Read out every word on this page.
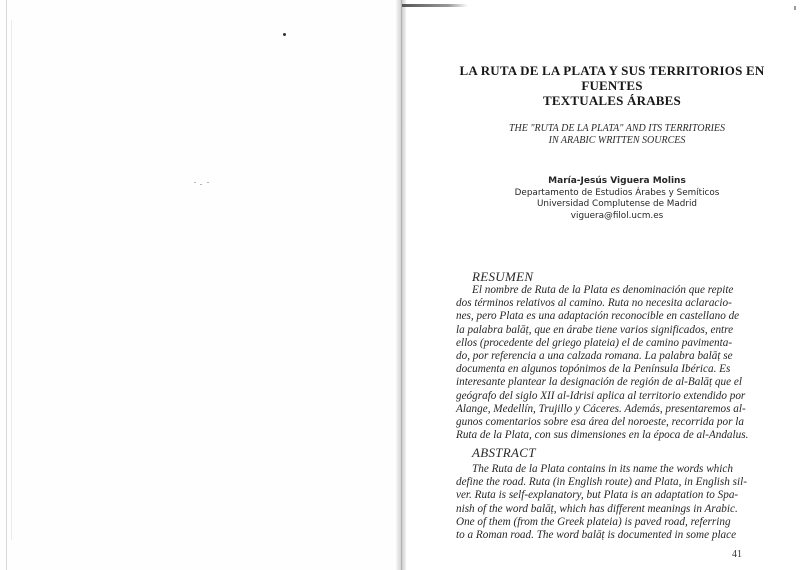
LA RUTA DE LA PLATA Y SUS TERRITORIOS EN FUENTES
TEXTUALES ÁRABES
THE "RUTA DE LA PLATA" AND ITS TERRITORIES
IN ARABIC WRITTEN SOURCES
María-Jesús Viguera Molins
Departamento de Estudios Árabes y Semíticos
Universidad Complutense de Madrid
viguera@filol.ucm.es
RESUMEN
El nombre de Ruta de la Plata es denominación que repite
dos términos relativos al camino. Ruta no necesita aclaracio-
nes, pero Plata es una adaptación reconocible en castellano de
la palabra balāṭ, que en árabe tiene varios significados, entre
ellos (procedente del griego plateia) el de camino pavimenta-
do, por referencia a una calzada romana. La palabra balāṭ se
documenta en algunos topónimos de la Península Ibérica. Es
interesante plantear la designación de región de al-Balāṭ que el
geógrafo del siglo XII al-Idrisi aplica al territorio extendido por
Alange, Medellín, Trujillo y Cáceres. Además, presentaremos al-
gunos comentarios sobre esa área del noroeste, recorrida por la
Ruta de la Plata, con sus dimensiones en la época de al-Andalus.
ABSTRACT
The Ruta de la Plata contains in its name the words which
define the road. Ruta (in English route) and Plata, in English sil-
ver. Ruta is self-explanatory, but Plata is an adaptation to Spa-
nish of the word balāṭ, which has different meanings in Arabic.
One of them (from the Greek plateia) is paved road, referring
to a Roman road. The word balāṭ is documented in some place
41
